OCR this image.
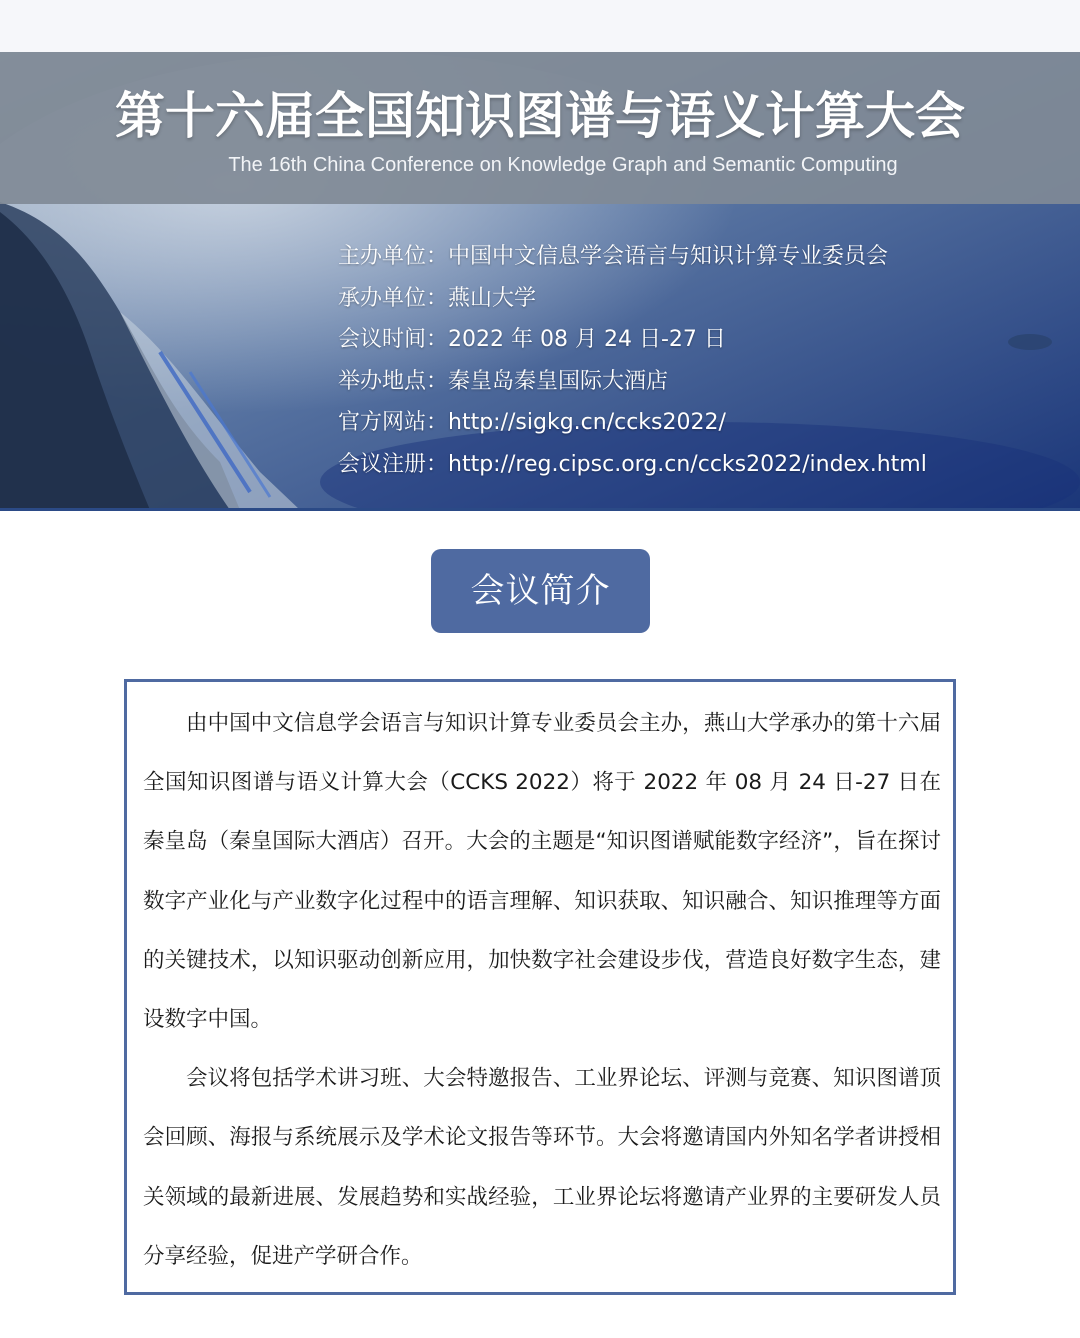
第十六届全国知识图谱与语义计算大会
The 16th China Conference on Knowledge Graph and Semantic Computing
主办单位：中国中文信息学会语言与知识计算专业委员会
承办单位：燕山大学
会议时间：2022 年 08 月 24 日-27 日
举办地点：秦皇岛秦皇国际大酒店
官方网站：http://sigkg.cn/ccks2022/
会议注册：http://reg.cipsc.org.cn/ccks2022/index.html
会议简介

由中国中文信息学会语言与知识计算专业委员会主办，燕山大学承办的第十六届全国知识图谱与语义计算大会（CCKS 2022）将于 2022 年 08 月 24 日-27 日在秦皇岛（秦皇国际大酒店）召开。大会的主题是“知识图谱赋能数字经济”，旨在探讨数字产业化与产业数字化过程中的语言理解、知识获取、知识融合、知识推理等方面的关键技术，以知识驱动创新应用，加快数字社会建设步伐，营造良好数字生态，建设数字中国。

会议将包括学术讲习班、大会特邀报告、工业界论坛、评测与竞赛、知识图谱顶会回顾、海报与系统展示及学术论文报告等环节。大会将邀请国内外知名学者讲授相关领域的最新进展、发展趋势和实战经验，工业界论坛将邀请产业界的主要研发人员分享经验，促进产学研合作。
